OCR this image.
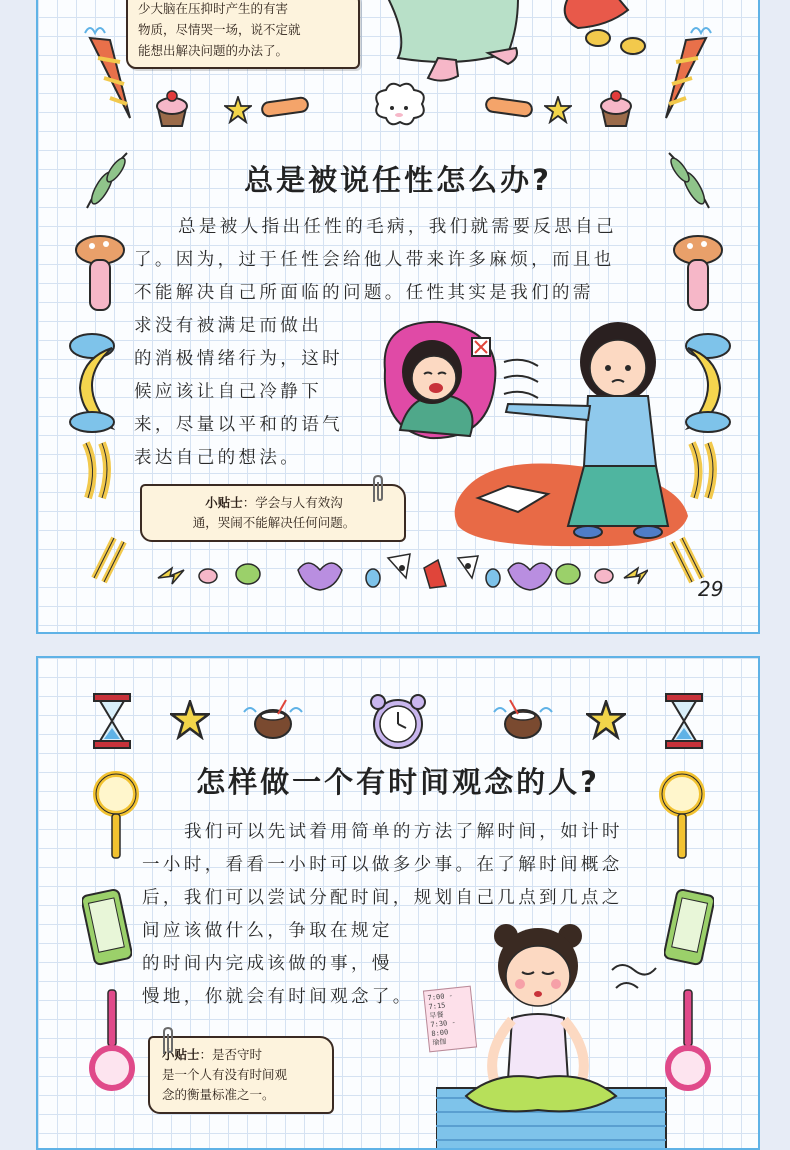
少大脑在压抑时产生的有害
物质，尽情哭一场，说不定就
能想出解决问题的办法了。
总是被说任性怎么办?

总是被人指出任性的毛病，我们就需要反思自己

了。因为，过于任性会给他人带来许多麻烦，而且也

不能解决自己所面临的问题。任性其实是我们的需

求没有被满足而做出

的消极情绪行为，这时

候应该让自己冷静下

来，尽量以平和的语气

表达自己的想法。

小贴士：学会与人有效沟
通，哭闹不能解决任何问题。
29
怎样做一个有时间观念的人?

我们可以先试着用简单的方法了解时间，如计时

一小时，看看一小时可以做多少事。在了解时间概念

后，我们可以尝试分配时间，规划自己几点到几点之

间应该做什么，争取在规定

的时间内完成该做的事，慢

慢地，你就会有时间观念了。 7:00 - 7:15
早餐
7:30 - 8:00
瑜伽
小贴士：是否守时
是一个人有没有时间观
念的衡量标准之一。
